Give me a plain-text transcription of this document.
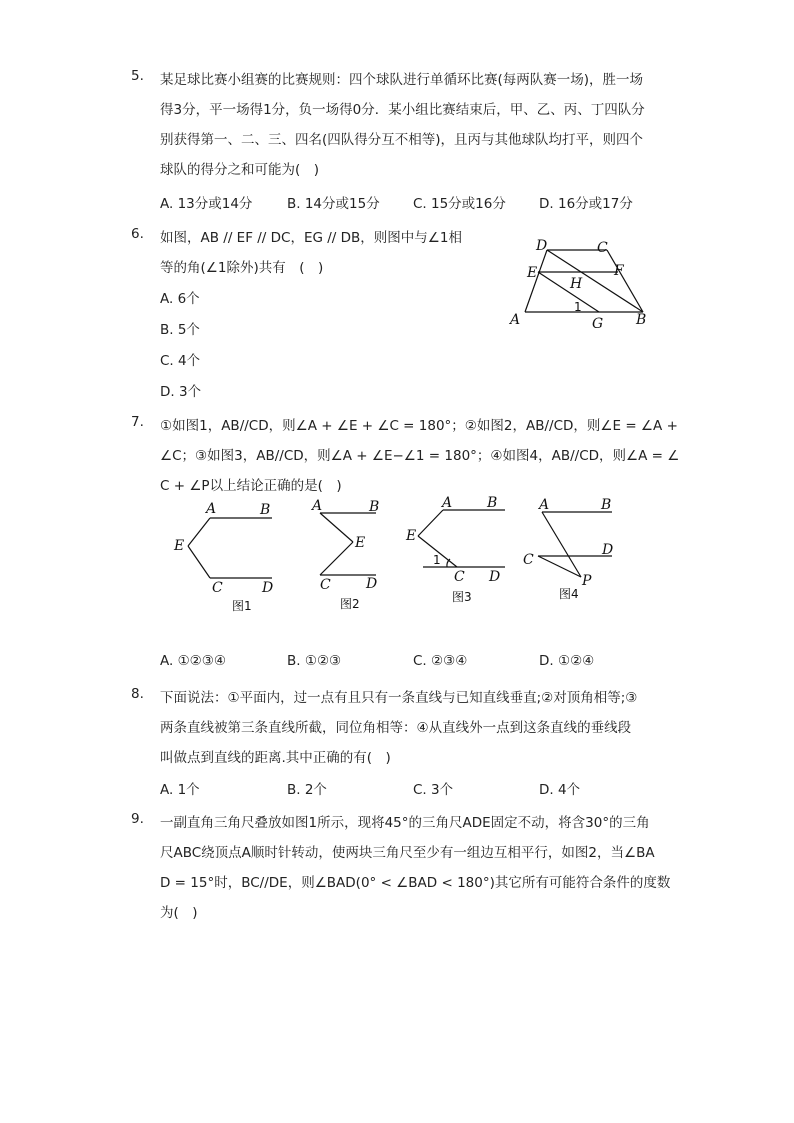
5. 某足球比赛小组赛的比赛规则：四个球队进行单循环比赛(每两队赛一场)，胜一场
得3分，平一场得1分，负一场得0分．某小组比赛结束后，甲、乙、丙、丁四队分
别获得第一、二、三、四名(四队得分互不相等)，且丙与其他球队均打平，则四个
球队的得分之和可能为(　)
A. 13分或14分	B. 14分或15分 C. 15分或16分 D. 16分或17分
6. 如图，AB // EF // DC，EG // DB，则图中与∠1相
等的角(∠1除外)共有　(　)
A. 6个
B. 5个
C. 4个
D. 3个
D	C
E	F
H
1
A	G B
7. ①如图1，AB//CD，则∠A + ∠E + ∠C = 180°；②如图2，AB//CD，则∠E = ∠A +
∠C；③如图3，AB//CD，则∠A + ∠E−∠1 = 180°；④如图4，AB//CD，则∠A = ∠
C + ∠P以上结论正确的是(　)
A	B
E
C	D
图1
A	B
E
C	D
图2
A B
E
1
C D
图3
A	B
C
D
P
图4
A. ①②③④	B. ①②③	C. ②③④	D. ①②④
8. 下面说法：①平面内，过一点有且只有一条直线与已知直线垂直;②对顶角相等;③
两条直线被第三条直线所截，同位角相等：④从直线外一点到这条直线的垂线段
叫做点到直线的距离.其中正确的有(　)
A. 1个	B. 2个	C. 3个	D. 4个
9. 一副直角三角尺叠放如图1所示，现将45°的三角尺ADE固定不动，将含30°的三角
尺ABC绕顶点A顺时针转动，使两块三角尺至少有一组边互相平行，如图2，当∠BA
D = 15°时，BC//DE，则∠BAD(0° < ∠BAD < 180°)其它所有可能符合条件的度数
为(　)
